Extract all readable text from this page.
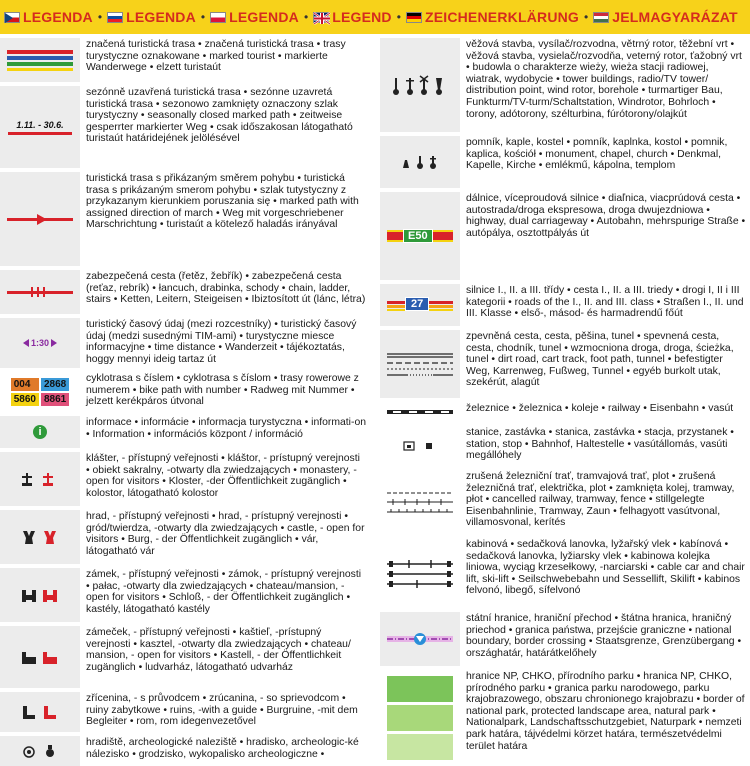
LEGENDA • LEGENDA • LEGENDA • LEGEND • ZEICHENERKLÄRUNG • JELMAGYARÁZAT
značená turistická trasa • značená turistická trasa • trasy turystyczne oznakowane • marked tourist • markierte Wanderwege • elzett turistaút
1.11. - 30.6.
sezónně uzavřená turistická trasa • sezónne uzavretá turistická trasa • sezonowo zamknięty oznaczony szlak turystyczny • seasonally closed marked path • zeitweise gesperrter markierter Weg • csak időszakosan látogatható turistaút határidejének jelölésével
turistická trasa s přikázaným směrem pohybu • turistická trasa s prikázaným smerom pohybu • szlak tutystyczny z przykazanym kierunkiem poruszania się • marked path with assigned direction of march • Weg mit vorgeschriebener Marschrichtung • turistaút a kötelező haladás irányával
zabezpečená cesta (řetěz, žebřík) • zabezpečená cesta (reťaz, rebrík) • łancuch, drabinka, schody • chain, ladder, stairs • Ketten, Leitern, Steigeisen • Ibiztosított út (lánc, létra)
1:30
turistický časový údaj (mezi rozcestníky) • turistický časový údaj (medzi susednými TIM-ami) • turystyczne miesce informacyjne • time distance • Wanderzeit • tájékoztatás, hoggy mennyi ideig tartaz út
004	2868
5860 8861
cyklotrasa s číslem • cyklotrasa s číslom • trasy rowerowe z numerem • bike path with number • Radweg mit Nummer • jelzett kerékpáros útvonal
i
informace • informácie • informacja turystyczna • informati-on • Information • információs központ / információ
klášter, - přístupný veřejnosti • kláštor, - prístupný verejnosti • obiekt sakralny, -otwarty dla zwiedzających • monastery, -open for visitors • Kloster, -der Öffentlichkeit zugänglich • kolostor, látogatható kolostor
hrad, - přístupný veřejnosti • hrad, - prístupný verejnosti • gród/twierdza, -otwarty dla zwiedzających • castle, - open for visitors • Burg, - der Öffentlichkeit zugänglich • vár, látogatható vár
zámek, - přístupný veřejnosti • zámok, - prístupný verejnosti • pałac, -otwarty dla zwiedzających • chateau/mansion, - open for visitors • Schloß, - der Öffentlichkeit zugänglich • kastély, látogatható kastély
zámeček, - přístupný veřejnosti • kaštieľ, -prístupný verejnosti • kasztel, -otwarty dla zwiedzających • chateau/ mansion, - open for visitors • Kastell, - der Öffentlichkeit zugänglich • ludvarház, látogatható udvarház
zřícenina, - s průvodcem • zrúcanina, - so sprievodcom • ruiny zabytkowe • ruins, -with a guide • Burgruine, -mit dem Begleiter • rom, rom idegenvezetővel
hradiště, archeologické naleziště • hradisko, archeologic-ké nálezisko • grodzisko, wykopalisko archeologiczne •
věžová stavba, vysílač/rozvodna, větrný rotor, těžební vrt • věžová stavba, vysielač/rozvodňa, veterný rotor, ťažobný vrt • budowla o charakterze wieży, wieża stacji radiowej, wiatrak, wydobycie • tower buildings, radio/TV tower/ distribution point, wind rotor, borehole • turmartiger Bau, Funkturm/TV-turm/Schaltstation, Windrotor, Bohrloch • torony, adótorony, szélturbina, fúrótorony/olajkút
pomník, kaple, kostel • pomník, kaplnka, kostol • pomnik, kaplica, kościół • monument, chapel, church • Denkmal, Kapelle, Kirche • emlékmű, kápolna, templom
E50
dálnice, víceproudová silnice • diaľnica, viacprúdová cesta • autostrada/droga ekspresowa, droga dwujezdniowa • highway, dual carriageway • Autobahn, mehrspurige Straße • autópálya, osztottpályás út
27
silnice I., II. a III. třídy • cesta I., II. a III. triedy • drogi I, II i III kategorii • roads of the I., II. and III. class • Straßen I., II. und III. Klasse • első-, másod- és harmadrendű főút
zpevněná cesta, cesta, pěšina, tunel • spevnená cesta, cesta, chodník, tunel • wzmocniona droga, droga, ścieżka, tunel • dirt road, cart track, foot path, tunnel • befestigter Weg, Karrenweg, Fußweg, Tunnel • egyéb burkolt utak, szekérút, alagút
železnice • železnica • koleje • railway • Eisenbahn • vasút
stanice, zastávka • stanica, zastávka • stacja, przystanek • station, stop • Bahnhof, Haltestelle • vasútállomás, vasúti megállóhely
zrušená železniční trať, tramvajová trať, plot • zrušená železničná trať, električka, plot • zamknięta kolej, tramway, płot • cancelled railway, tramway, fence • stillgelegte Eisenbahnlinie, Tramway, Zaun • felhagyott vasútvonal, villamosvonal, kerítés
kabinová • sedačková lanovka, lyžařský vlek • kabínová • sedačková lanovka, lyžiarsky vlek • kabinowa kolejka liniowa, wyciąg krzesełkowy, -narciarski • cable car and chair lift, ski-lift • Seilschwebebahn und Sessellift, Skilift • kabinos felvonó, libegő, sífelvonó
státní hranice, hraniční přechod • štátna hranica, hraničný priechod • granica państwa, przejście graniczne • national boundary, border crossing • Staatsgrenze, Grenzübergang • országhatár, határátkelőhely
hranice NP, CHKO, přírodního parku • hranica NP, CHKO, prírodného parku • granica parku narodowego, parku krajobrazowego, obszaru chronionego krajobrazu • border of national park, protected landscape area, natural park • Nationalpark, Landschaftsschutzgebiet, Naturpark • nemzeti park határa, tájvédelmi körzet határa, természetvédelmi terület határa
